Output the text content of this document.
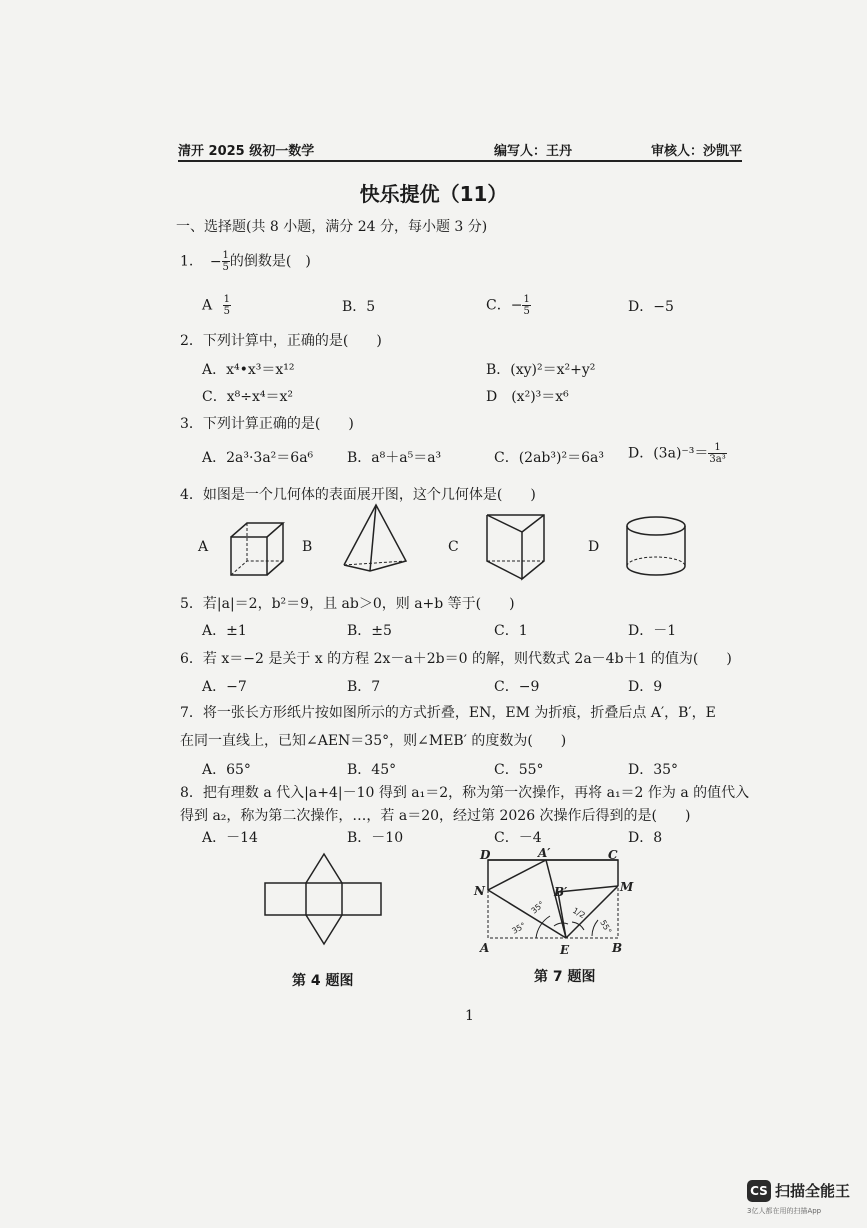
清开 2025 级初一数学	编写人：王丹	审核人：沙凯平
快乐提优（11）
一、选择题(共 8 小题，满分 24 分，每小题 3 分)
1. − $\frac{1}{5}$ 的倒数是(　)
A $\frac{1}{5}$	B．5	C．− $\frac{1}{5}$	D．−5
2．下列计算中，正确的是(　　)
A．x⁴•x³＝x¹²	B．(xy)²＝x²+y²
C．x⁸÷x⁴＝x²	D　(x²)³＝x⁶
3．下列计算正确的是(　　)
A．2a³·3a²＝6a⁶ B．a⁸＋a⁵＝a³	C．(2ab³)²＝6a³ D．$(3a)^{-3}= \frac{1}{\text{3a³}}$
4．如图是一个几何体的表面展开图，这个几何体是(　　)
A	B	C	D
5．若|a|＝2，b²＝9，且 ab＞0，则 a+b 等于(　　)
A．±1	B．±5	C．1	D．－1
6．若 x＝−2 是关于 x 的方程 2x－a＋2b＝0 的解，则代数式 2a－4b＋1 的值为(　　)
A．−7	B．7	C．−9	D．9
7．将一张长方形纸片按如图所示的方式折叠，EN，EM 为折痕，折叠后点 A′，B′，E
在同一直线上，已知∠AEN＝35°，则∠MEB′ 的度数为(　　)
A．65°	B．45°	C．55°	D．35°
8．把有理数 a 代入|a+4|－10 得到 a₁＝2，称为第一次操作，再将 a₁＝2 作为 a 的值代入
得到 a₂，称为第二次操作，…，若 a＝20，经过第 2026 次操作后得到的是(　　)
A．－14	B．－10	C．－4	D．8
第 4 题图
D	A′	C
N	B′	M
A	E	B
35°
35°	1/2
55°
第 7 题图
1
CS 扫描全能王
3亿人都在用的扫描App
